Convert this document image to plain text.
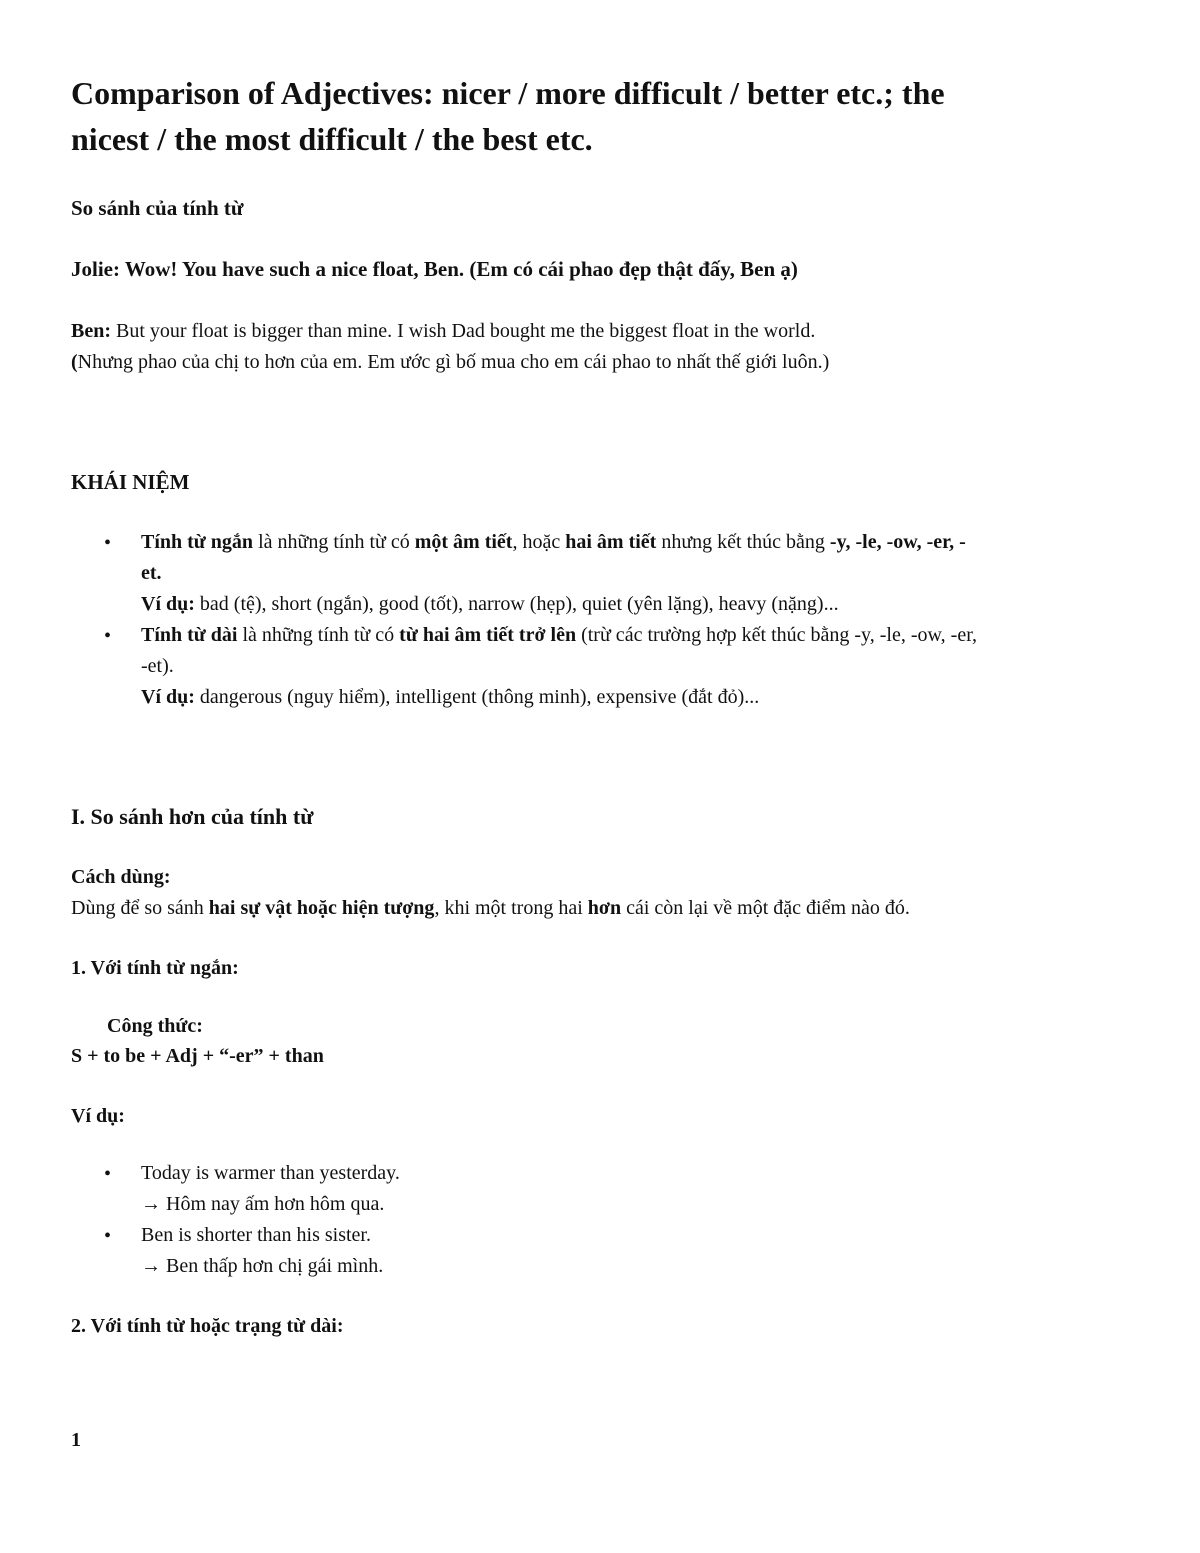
Comparison of Adjectives: nicer / more difficult / better etc.; the
nicest / the most difficult / the best etc.
So sánh của tính từ
Jolie: Wow! You have such a nice float, Ben. (Em có cái phao đẹp thật đấy, Ben ạ)
Ben: But your float is bigger than mine. I wish Dad bought me the biggest float in the world.
(Nhưng phao của chị to hơn của em. Em ước gì bố mua cho em cái phao to nhất thế giới luôn.)
KHÁI NIỆM
• Tính từ ngắn là những tính từ có một âm tiết, hoặc hai âm tiết nhưng kết thúc bằng -y, -le, -ow, -er, -
et.
Ví dụ: bad (tệ), short (ngắn), good (tốt), narrow (hẹp), quiet (yên lặng), heavy (nặng)...
• Tính từ dài là những tính từ có từ hai âm tiết trở lên (trừ các trường hợp kết thúc bằng -y, -le, -ow, -er,
-et).
Ví dụ: dangerous (nguy hiểm), intelligent (thông minh), expensive (đắt đỏ)...
I. So sánh hơn của tính từ
Cách dùng:
Dùng để so sánh hai sự vật hoặc hiện tượng, khi một trong hai hơn cái còn lại về một đặc điểm nào đó.
1. Với tính từ ngắn:
Công thức:
S + to be + Adj + “-er” + than
Ví dụ:
• Today is warmer than yesterday.
→ Hôm nay ấm hơn hôm qua.
• Ben is shorter than his sister.
→ Ben thấp hơn chị gái mình.
2. Với tính từ hoặc trạng từ dài:
1
